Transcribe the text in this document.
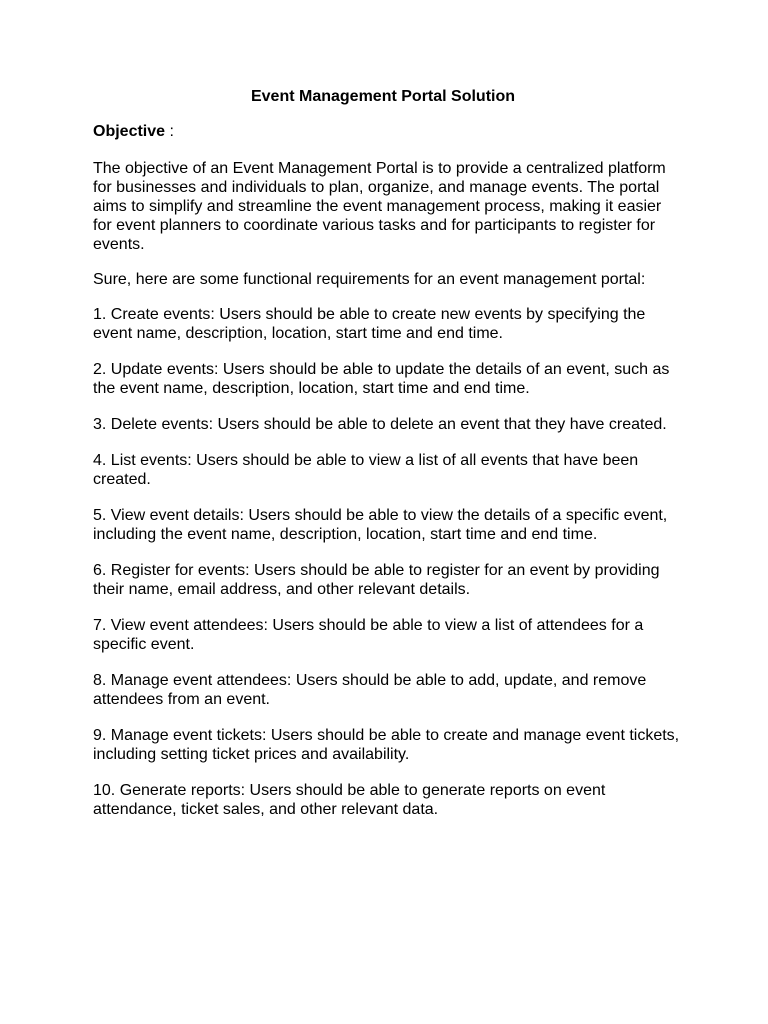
Event Management Portal Solution
Objective :
The objective of an Event Management Portal is to provide a centralized platform for businesses and individuals to plan, organize, and manage events. The portal aims to simplify and streamline the event management process, making it easier for event planners to coordinate various tasks and for participants to register for events.
Sure, here are some functional requirements for an event management portal:
1. Create events: Users should be able to create new events by specifying the event name, description, location, start time and end time.
2. Update events: Users should be able to update the details of an event, such as the event name, description, location, start time and end time.
3. Delete events: Users should be able to delete an event that they have created.
4. List events: Users should be able to view a list of all events that have been created.
5. View event details: Users should be able to view the details of a specific event, including the event name, description, location, start time and end time.
6. Register for events: Users should be able to register for an event by providing their name, email address, and other relevant details.
7. View event attendees: Users should be able to view a list of attendees for a specific event.
8. Manage event attendees: Users should be able to add, update, and remove attendees from an event.
9. Manage event tickets: Users should be able to create and manage event tickets, including setting ticket prices and availability.
10. Generate reports: Users should be able to generate reports on event attendance, ticket sales, and other relevant data.
